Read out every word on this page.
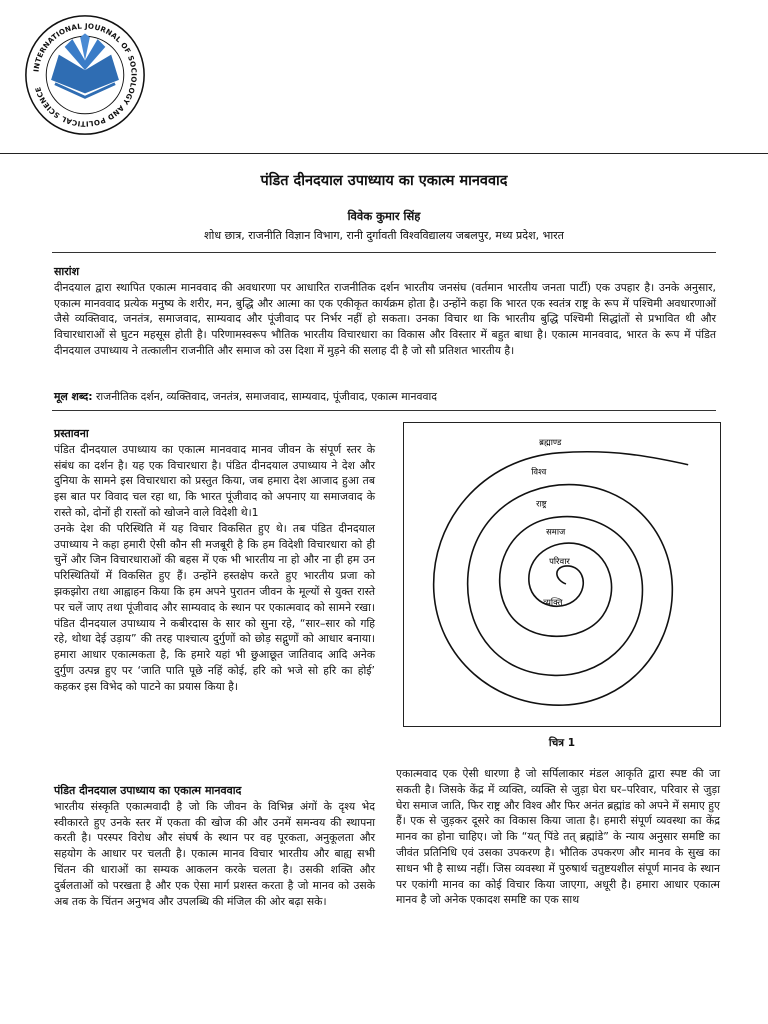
INTERNATIONAL JOURNAL OF SOCIOLOGY AND POLITICAL SCIENCE
पंडित दीनदयाल उपाध्याय का एकात्म मानववाद
विवेक कुमार सिंह
शोध छात्र, राजनीति विज्ञान विभाग, रानी दुर्गावती विश्वविद्यालय जबलपुर, मध्य प्रदेश, भारत
सारांश
दीनदयाल द्वारा स्थापित एकात्म मानववाद की अवधारणा पर आधारित राजनीतिक दर्शन भारतीय जनसंघ (वर्तमान भारतीय जनता पार्टी) एक उपहार है। उनके अनुसार, एकात्म मानववाद प्रत्येक मनुष्य के शरीर, मन, बुद्धि और आत्मा का एक एकीकृत कार्यक्रम होता है। उन्होंने कहा कि भारत एक स्वतंत्र राष्ट्र के रूप में पश्चिमी अवधारणाओं जैसे व्यक्तिवाद, जनतंत्र, समाजवाद, साम्यवाद और पूंजीवाद पर निर्भर नहीं हो सकता। उनका विचार था कि भारतीय बुद्धि पश्चिमी सिद्धांतों से प्रभावित थी और विचारधाराओं से घुटन महसूस होती है। परिणामस्वरूप भौतिक भारतीय विचारधारा का विकास और विस्तार में बहुत बाधा है। एकात्म मानववाद, भारत के रूप में पंडित दीनदयाल उपाध्याय ने तत्कालीन राजनीति और समाज को उस दिशा में मुड़ने की सलाह दी है जो सौ प्रतिशत भारतीय है।
मूल शब्द: राजनीतिक दर्शन, व्यक्तिवाद, जनतंत्र, समाजवाद, साम्यवाद, पूंजीवाद, एकात्म मानववाद
प्रस्तावना
पंडित दीनदयाल उपाध्याय का एकात्म मानववाद मानव जीवन के संपूर्ण स्तर के संबंध का दर्शन है। यह एक विचारधारा है। पंडित दीनदयाल उपाध्याय ने देश और दुनिया के सामने इस विचारधारा को प्रस्तुत किया, जब हमारा देश आजाद हुआ तब इस बात पर विवाद चल रहा था, कि भारत पूंजीवाद को अपनाए या समाजवाद के रास्ते को, दोनों ही रास्तों को खोजने वाले विदेशी थे।1
उनके देश की परिस्थिति में यह विचार विकसित हुए थे। तब पंडित दीनदयाल उपाध्याय ने कहा हमारी ऐसी कौन सी मजबूरी है कि हम विदेशी विचारधारा को ही चुनें और जिन विचारधाराओं की बहस में एक भी भारतीय ना हो और ना ही हम उन परिस्थितियों में विकसित हुए हैं। उन्होंने हस्तक्षेप करते हुए भारतीय प्रजा को झकझोरा तथा आह्वाहन किया कि हम अपने पुरातन जीवन के मूल्यों से युक्त रास्ते पर चलें जाए तथा पूंजीवाद और साम्यवाद के स्थान पर एकात्मवाद को सामने रखा। पंडित दीनदयाल उपाध्याय ने कबीरदास के सार को सुना रहे, “सार–सार को गहि रहे, थोथा देई उड़ाय” की तरह पाश्चात्य दुर्गुणों को छोड़ सद्गुणों को आधार बनाया। हमारा आधार एकात्मकता है, कि हमारे यहां भी छुआछूत जातिवाद आदि अनेक दुर्गुण उत्पन्न हुए पर ‘जाति पाति पूछे नहिं कोई, हरि को भजे सो हरि का होई’ कहकर इस विभेद को पाटने का प्रयास किया है।
पंडित दीनदयाल उपाध्याय का एकात्म मानववाद
भारतीय संस्कृति एकात्मवादी है जो कि जीवन के विभिन्न अंगों के दृश्य भेद स्वीकारते हुए उनके स्तर में एकता की खोज की और उनमें समन्वय की स्थापना करती है। परस्पर विरोध और संघर्ष के स्थान पर वह पूरकता, अनुकूलता और सहयोग के आधार पर चलती है। एकात्म मानव विचार भारतीय और बाह्य सभी चिंतन की धाराओं का सम्यक आकलन करके चलता है। उसकी शक्ति और दुर्बलताओं को परखता है और एक ऐसा मार्ग प्रशस्त करता है जो मानव को उसके अब तक के चिंतन अनुभव और उपलब्धि की मंजिल की ओर बढ़ा सके।
ब्रह्माण्ड
विश्व
राष्ट्र
समाज
परिवार
व्यक्ति
चित्र 1
एकात्मवाद एक ऐसी धारणा है जो सर्पिलाकार मंडल आकृति द्वारा स्पष्ट की जा सकती है। जिसके केंद्र में व्यक्ति, व्यक्ति से जुड़ा घेरा घर–परिवार, परिवार से जुड़ा घेरा समाज जाति, फिर राष्ट्र और विश्व और फिर अनंत ब्रह्मांड को अपने में समाए हुए हैं। एक से जुड़कर दूसरे का विकास किया जाता है। हमारी संपूर्ण व्यवस्था का केंद्र मानव का होना चाहिए। जो कि “यत् पिंडे तत् ब्रह्मांडे” के न्याय अनुसार समष्टि का जीवंत प्रतिनिधि एवं उसका उपकरण है। भौतिक उपकरण और मानव के सुख का साधन भी है साध्य नहीं। जिस व्यवस्था में पुरुषार्थ चतुष्टयशील संपूर्ण मानव के स्थान पर एकांगी मानव का कोई विचार किया जाएगा, अधूरी है। हमारा आधार एकात्म मानव है जो अनेक एकादश समष्टि का एक साथ
